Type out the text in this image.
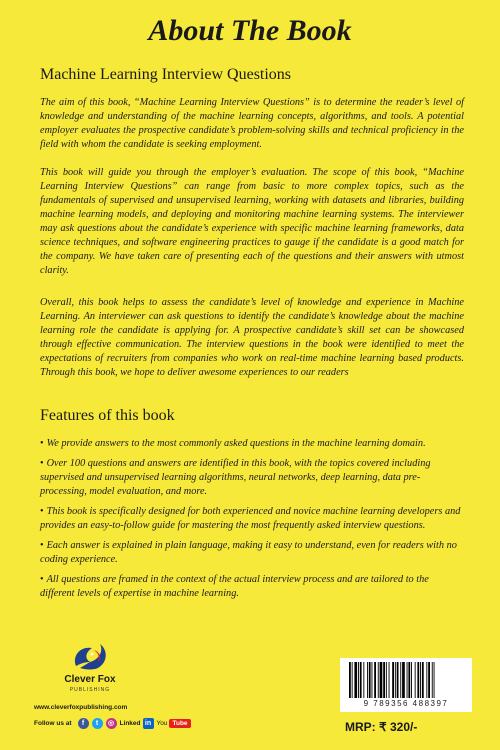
About The Book
Machine Learning Interview Questions

The aim of this book, “Machine Learning Interview Questions” is to determine the reader’s level of knowledge and understanding of the machine learning concepts, algorithms, and tools. A potential employer evaluates the prospective candidate’s problem-solving skills and technical proficiency in the field with whom the candidate is seeking employment.

This book will guide you through the employer’s evaluation. The scope of this book, “Machine Learning Interview Questions” can range from basic to more complex topics, such as the fundamentals of supervised and unsupervised learning, working with datasets and libraries, building machine learning models, and deploying and monitoring machine learning systems. The interviewer may ask questions about the candidate’s experience with specific machine learning frameworks, data science techniques, and software engineering practices to gauge if the candidate is a good match for the company. We have taken care of presenting each of the questions and their answers with utmost clarity.

Overall, this book helps to assess the candidate’s level of knowledge and experience in Machine Learning. An interviewer can ask questions to identify the candidate’s knowledge about the machine learning role the candidate is applying for. A prospective candidate’s skill set can be showcased through effective communication. The interview questions in the book were identified to meet the expectations of recruiters from companies who work on real-time machine learning based products. Through this book, we hope to deliver awesome experiences to our readers

Features of this book
• We provide answers to the most commonly asked questions in the machine learning domain.
• Over 100 questions and answers are identified in this book, with the topics covered including supervised and unsupervised learning algorithms, neural networks, deep learning, data pre-processing, model evaluation, and more.
• This book is specifically designed for both experienced and novice machine learning developers and provides an easy-to-follow guide for mastering the most frequently asked interview questions.
• Each answer is explained in plain language, making it easy to understand, even for readers with no coding experience.
• All questions are framed in the context of the actual interview process and are tailored to the different levels of expertise in machine learning.
Clever Fox
PUBLISHING
www.cleverfoxpublishing.com
Follow us at	f	t	◎ Linked in You Tube
9 789356 488397
MRP: ₹ 320/-
